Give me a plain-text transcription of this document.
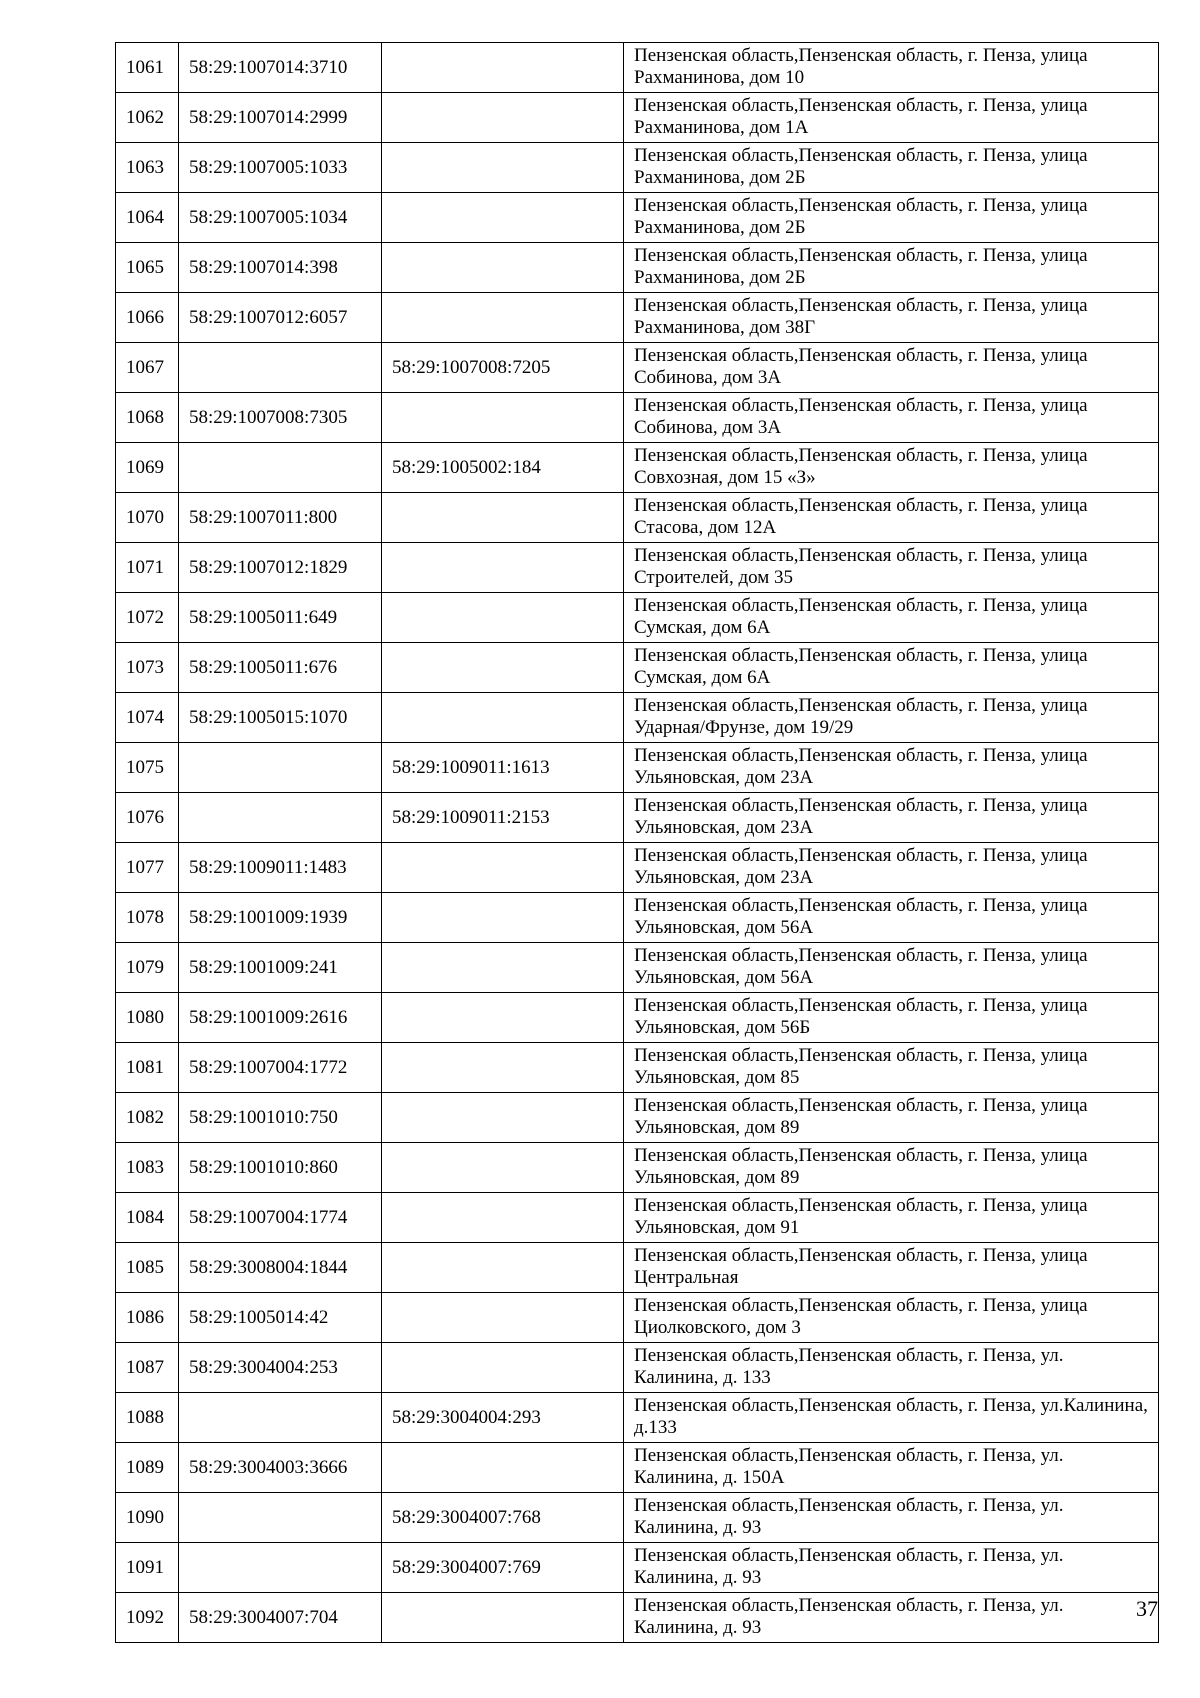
1061	58:29:1007014:3710		Пензенская область,Пензенская область, г. Пенза, улица Рахманинова, дом 10
1062	58:29:1007014:2999		Пензенская область,Пензенская область, г. Пенза, улица Рахманинова, дом 1А
1063	58:29:1007005:1033		Пензенская область,Пензенская область, г. Пенза, улица Рахманинова, дом 2Б
1064	58:29:1007005:1034		Пензенская область,Пензенская область, г. Пенза, улица Рахманинова, дом 2Б
1065	58:29:1007014:398		Пензенская область,Пензенская область, г. Пенза, улица Рахманинова, дом 2Б
1066	58:29:1007012:6057		Пензенская область,Пензенская область, г. Пенза, улица Рахманинова, дом 38Г
1067		58:29:1007008:7205	Пензенская область,Пензенская область, г. Пенза, улица Собинова, дом 3А
1068	58:29:1007008:7305		Пензенская область,Пензенская область, г. Пенза, улица Собинова, дом 3А
1069		58:29:1005002:184	Пензенская область,Пензенская область, г. Пенза, улица Совхозная, дом 15 «З»
1070	58:29:1007011:800		Пензенская область,Пензенская область, г. Пенза, улица Стасова, дом 12А
1071	58:29:1007012:1829		Пензенская область,Пензенская область, г. Пенза, улица Строителей, дом 35
1072	58:29:1005011:649		Пензенская область,Пензенская область, г. Пенза, улица Сумская, дом 6А
1073	58:29:1005011:676		Пензенская область,Пензенская область, г. Пенза, улица Сумская, дом 6А
1074	58:29:1005015:1070		Пензенская область,Пензенская область, г. Пенза, улица Ударная/Фрунзе, дом 19/29
1075		58:29:1009011:1613	Пензенская область,Пензенская область, г. Пенза, улица Ульяновская, дом 23А
1076		58:29:1009011:2153	Пензенская область,Пензенская область, г. Пенза, улица Ульяновская, дом 23А
1077	58:29:1009011:1483		Пензенская область,Пензенская область, г. Пенза, улица Ульяновская, дом 23А
1078	58:29:1001009:1939		Пензенская область,Пензенская область, г. Пенза, улица Ульяновская, дом 56А
1079	58:29:1001009:241		Пензенская область,Пензенская область, г. Пенза, улица Ульяновская, дом 56А
1080	58:29:1001009:2616		Пензенская область,Пензенская область, г. Пенза, улица Ульяновская, дом 56Б
1081	58:29:1007004:1772		Пензенская область,Пензенская область, г. Пенза, улица Ульяновская, дом 85
1082	58:29:1001010:750		Пензенская область,Пензенская область, г. Пенза, улица Ульяновская, дом 89
1083	58:29:1001010:860		Пензенская область,Пензенская область, г. Пенза, улица Ульяновская, дом 89
1084	58:29:1007004:1774		Пензенская область,Пензенская область, г. Пенза, улица Ульяновская, дом 91
1085	58:29:3008004:1844		Пензенская область,Пензенская область, г. Пенза, улица Центральная
1086	58:29:1005014:42		Пензенская область,Пензенская область, г. Пенза, улица Циолковского, дом 3
1087	58:29:3004004:253		Пензенская область,Пензенская область, г. Пенза, ул. Калинина, д. 133
1088		58:29:3004004:293	Пензенская область,Пензенская область, г. Пенза, ул.Калинина, д.133
1089	58:29:3004003:3666		Пензенская область,Пензенская область, г. Пенза, ул. Калинина, д. 150А
1090		58:29:3004007:768	Пензенская область,Пензенская область, г. Пенза, ул. Калинина, д. 93
1091		58:29:3004007:769	Пензенская область,Пензенская область, г. Пенза, ул. Калинина, д. 93
1092	58:29:3004007:704		Пензенская область,Пензенская область, г. Пенза, ул. Калинина, д. 93
37
